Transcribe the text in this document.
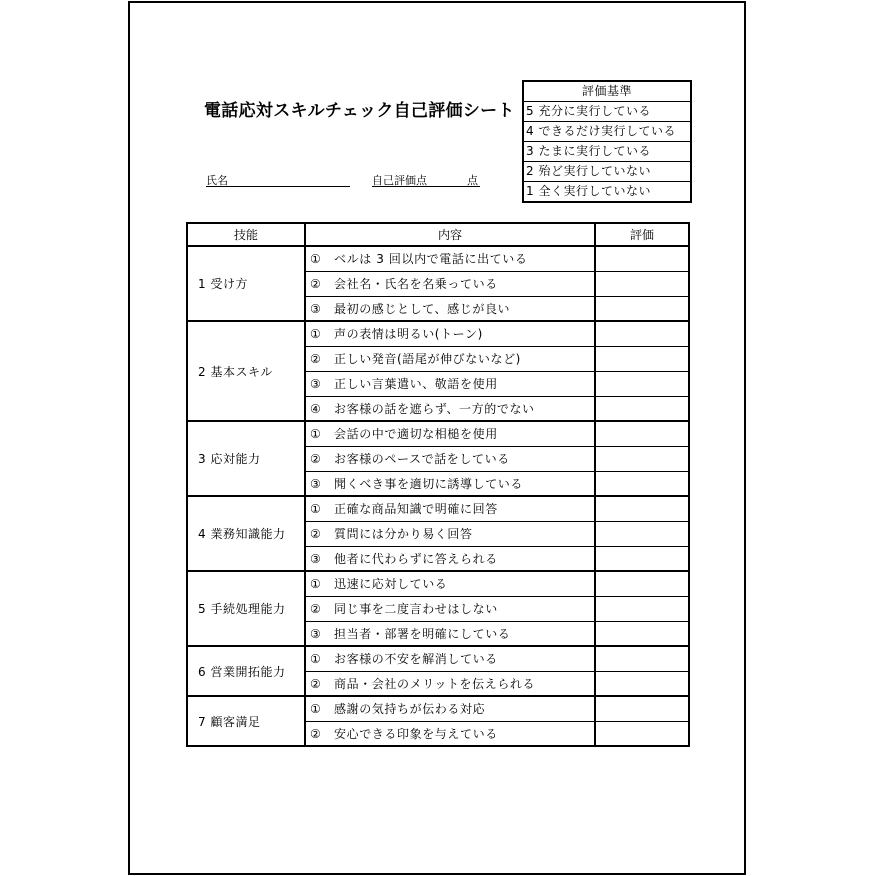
電話応対スキルチェック自己評価シート
氏名	自己評価点	点
評価基準
5 充分に実行している
4 できるだけ実行している
3 たまに実行している
2 殆ど実行していない
1 全く実行していない
技能	内容	評価
1 受け方	① ベルは 3 回以内で電話に出ている	
	② 会社名・氏名を名乗っている	
	③ 最初の感じとして、感じが良い	
2 基本スキル	① 声の表情は明るい(トーン)	
	② 正しい発音(語尾が伸びないなど)	
	③ 正しい言葉遣い、敬語を使用	
	④ お客様の話を遮らず、一方的でない	
3 応対能力	① 会話の中で適切な相槌を使用	
	② お客様のペースで話をしている	
	③ 聞くべき事を適切に誘導している	
4 業務知識能力	① 正確な商品知識で明確に回答	
	② 質問には分かり易く回答	
	③ 他者に代わらずに答えられる	
5 手続処理能力	① 迅速に応対している	
	② 同じ事を二度言わせはしない	
	③ 担当者・部署を明確にしている	
6 営業開拓能力	① お客様の不安を解消している	
	② 商品・会社のメリットを伝えられる	
7 顧客満足	① 感謝の気持ちが伝わる対応	
	② 安心できる印象を与えている	
